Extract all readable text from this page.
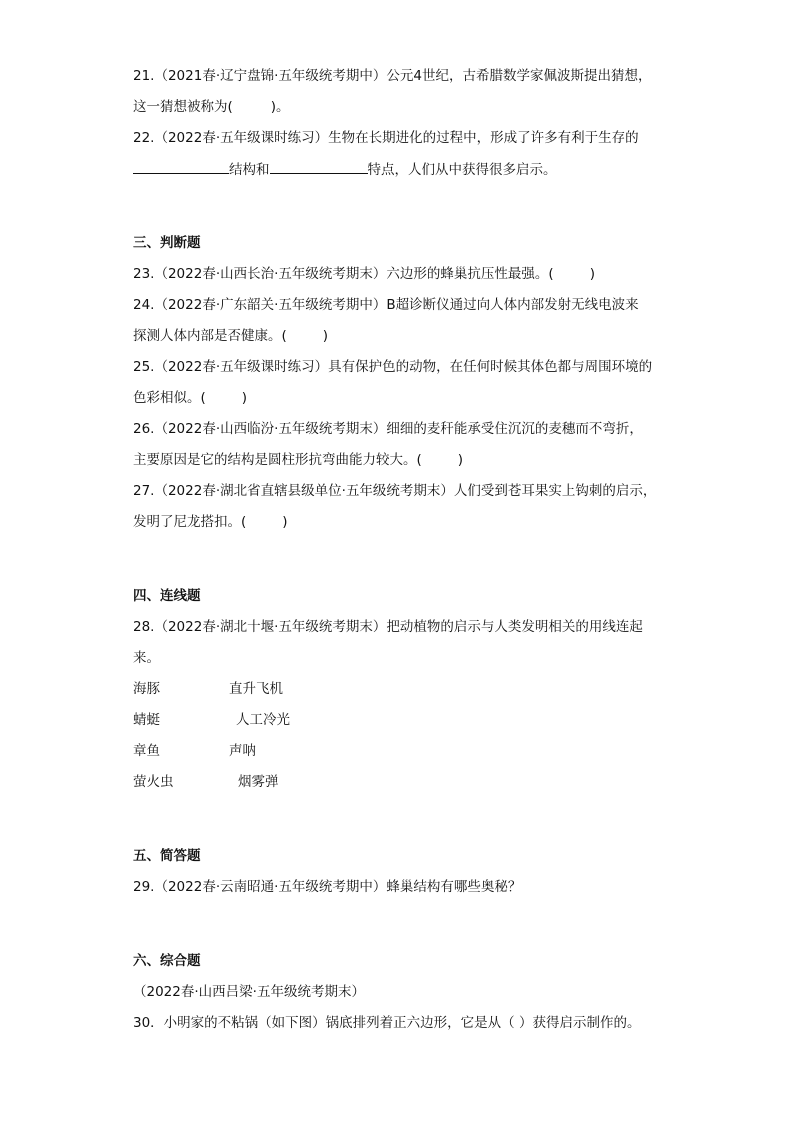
21.（2021春·辽宁盘锦·五年级统考期中）公元4世纪，古希腊数学家佩波斯提出猜想，
这一猜想被称为(	)。
22.（2022春·五年级课时练习）生物在长期进化的过程中，形成了许多有利于生存的
结构和	特点，人们从中获得很多启示。
三、判断题
23.（2022春·山西长治·五年级统考期末）六边形的蜂巢抗压性最强。(	)
24.（2022春·广东韶关·五年级统考期中）B超诊断仪通过向人体内部发射无线电波来
探测人体内部是否健康。(	)
25.（2022春·五年级课时练习）具有保护色的动物，在任何时候其体色都与周围环境的
色彩相似。(	)
26.（2022春·山西临汾·五年级统考期末）细细的麦秆能承受住沉沉的麦穗而不弯折，
主要原因是它的结构是圆柱形抗弯曲能力较大。(	)
27.（2022春·湖北省直辖县级单位·五年级统考期末）人们受到苍耳果实上钩刺的启示，
发明了尼龙搭扣。(	)
四、连线题
28.（2022春·湖北十堰·五年级统考期末）把动植物的启示与人类发明相关的用线连起
来。
海豚	直升飞机
蜻蜓	人工冷光
章鱼	声呐
萤火虫	烟雾弹
五、简答题
29.（2022春·云南昭通·五年级统考期中）蜂巢结构有哪些奥秘？
六、综合题
（2022春·山西吕梁·五年级统考期末）
30．小明家的不粘锅（如下图）锅底排列着正六边形，它是从（ ）获得启示制作的。
